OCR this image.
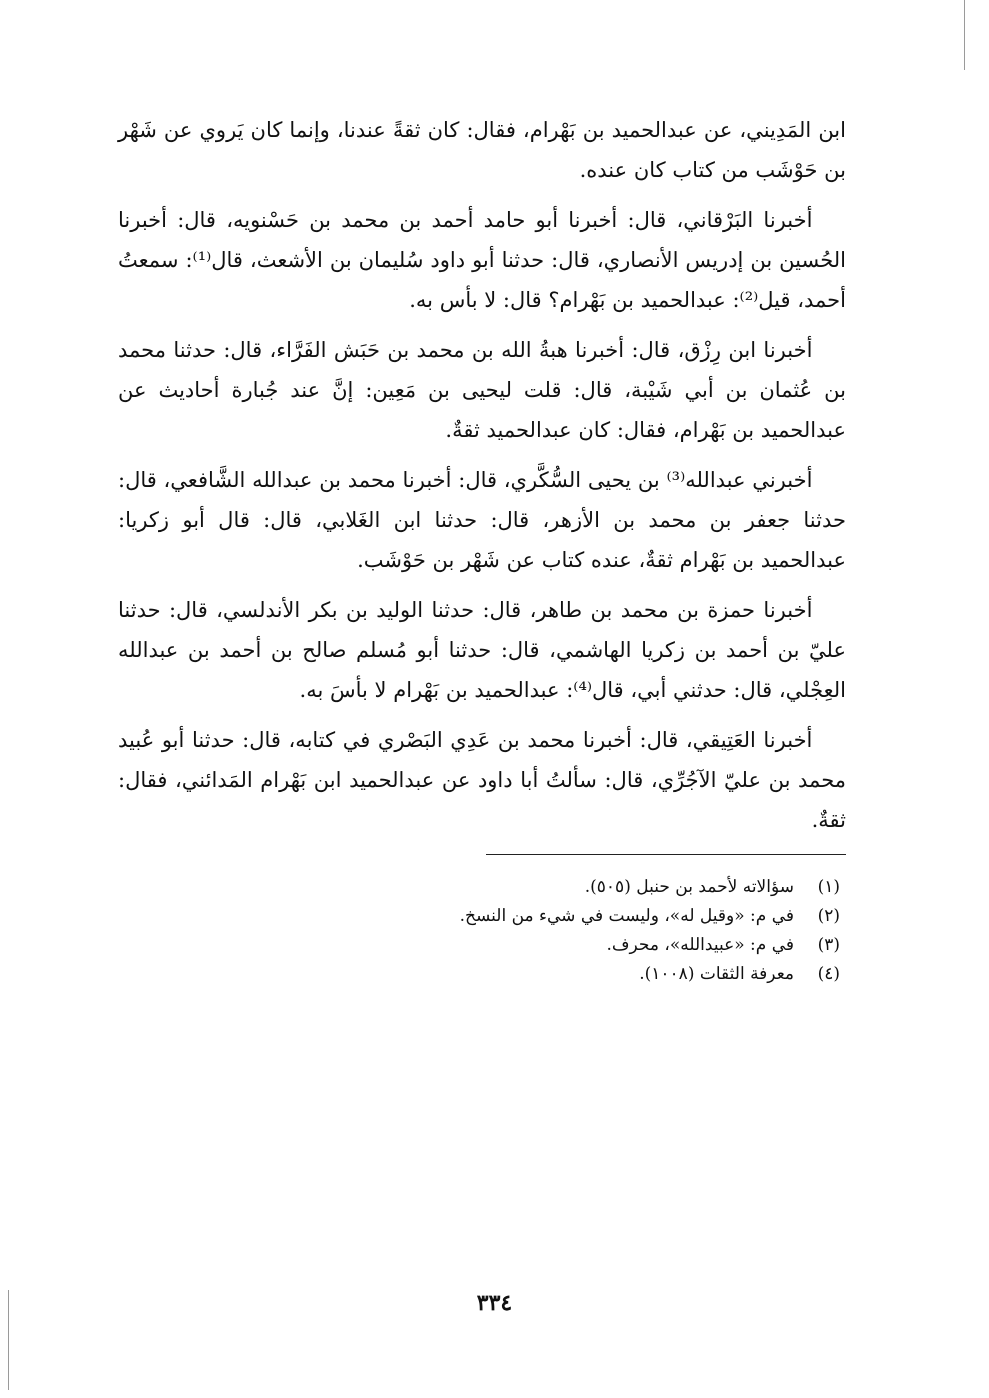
ابن المَدِيني، عن عبدالحميد بن بَهْرام، فقال: كان ثقةً عندنا، وإنما كان يَروي عن شَهْر بن حَوْشَب من كتاب كان عنده.

أخبرنا البَرْقاني، قال: أخبرنا أبو حامد أحمد بن محمد بن حَسْنويه، قال: أخبرنا الحُسين بن إدريس الأنصاري، قال: حدثنا أبو داود سُليمان بن الأشعث، قال⁽¹⁾: سمعتُ أحمد، قيل⁽²⁾: عبدالحميد بن بَهْرام؟ قال: لا بأس به.

أخبرنا ابن رِزْق، قال: أخبرنا هبةُ الله بن محمد بن حَبَش الفَرَّاء، قال: حدثنا محمد بن عُثمان بن أبي شَيْبة، قال: قلت ليحيى بن مَعِين: إنَّ عند جُبارة أحاديث عن عبدالحميد بن بَهْرام، فقال: كان عبدالحميد ثقةٌ.

أخبرني عبدالله⁽³⁾ بن يحيى السُّكَّري، قال: أخبرنا محمد بن عبدالله الشَّافعي، قال: حدثنا جعفر بن محمد بن الأزهر، قال: حدثنا ابن الغَلابي، قال: قال أبو زكريا: عبدالحميد بن بَهْرام ثقةٌ، عنده كتاب عن شَهْر بن حَوْشَب.

أخبرنا حمزة بن محمد بن طاهر، قال: حدثنا الوليد بن بكر الأندلسي، قال: حدثنا عليّ بن أحمد بن زكريا الهاشمي، قال: حدثنا أبو مُسلم صالح بن أحمد بن عبدالله العِجْلي، قال: حدثني أبي، قال⁽⁴⁾: عبدالحميد بن بَهْرام لا بأسَ به.

أخبرنا العَتِيقي، قال: أخبرنا محمد بن عَدِي البَصْري في كتابه، قال: حدثنا أبو عُبيد محمد بن عليّ الآجُرِّي، قال: سألتُ أبا داود عن عبدالحميد ابن بَهْرام المَدائني، فقال: ثقةٌ.

(١)
سؤالاته لأحمد بن حنبل (٥٠٥).
(٢)
في م: «وقيل له»، وليست في شيء من النسخ.
(٣)
في م: «عبيدالله»، محرف.
(٤)
معرفة الثقات (١٠٠٨).
٣٣٤
